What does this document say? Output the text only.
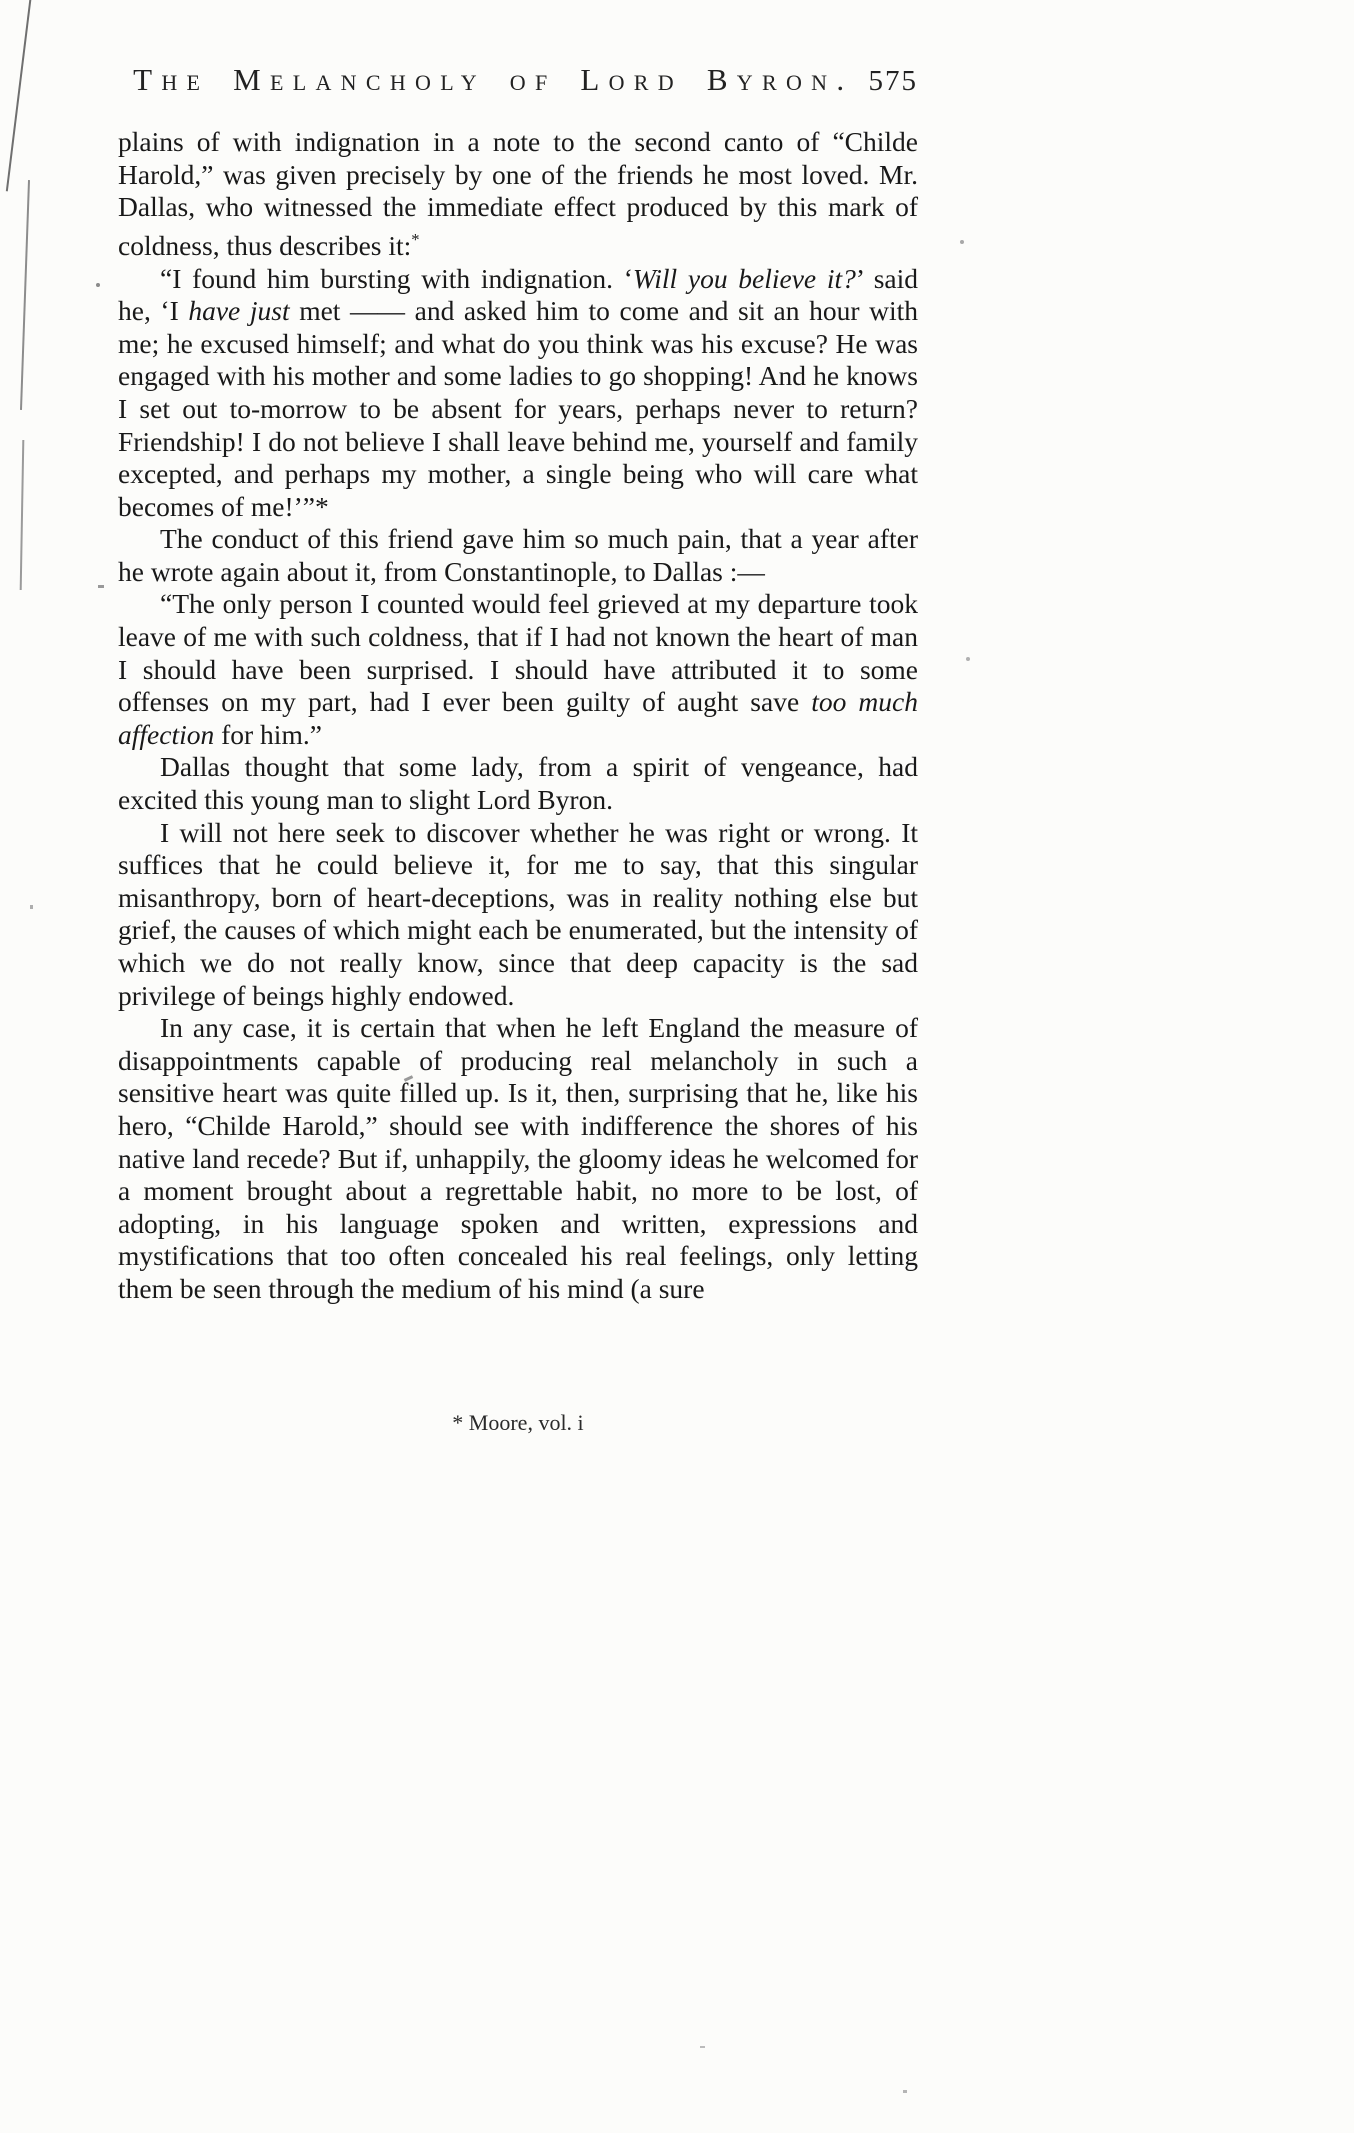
The Melancholy of Lord Byron. 575

plains of with indignation in a note to the second canto of “Childe Harold,” was given precisely by one of the friends he most loved. Mr. Dallas, who witnessed the immediate effect produced by this mark of coldness, thus describes it:*

“I found him bursting with indignation. ‘Will you believe it?’ said he, ‘I have just met —— and asked him to come and sit an hour with me; he excused himself; and what do you think was his excuse? He was engaged with his mother and some ladies to go shopping! And he knows I set out to-morrow to be absent for years, perhaps never to return? Friendship! I do not believe I shall leave behind me, yourself and family excepted, and perhaps my mother, a single being who will care what becomes of me!’”*

The conduct of this friend gave him so much pain, that a year after he wrote again about it, from Constantinople, to Dallas :—

“The only person I counted would feel grieved at my departure took leave of me with such coldness, that if I had not known the heart of man I should have been surprised. I should have attributed it to some offenses on my part, had I ever been guilty of aught save too much affection for him.”

Dallas thought that some lady, from a spirit of vengeance, had excited this young man to slight Lord Byron.

I will not here seek to discover whether he was right or wrong. It suffices that he could believe it, for me to say, that this singular misanthropy, born of heart-deceptions, was in reality nothing else but grief, the causes of which might each be enumerated, but the intensity of which we do not really know, since that deep capacity is the sad privilege of beings highly endowed.

In any case, it is certain that when he left England the measure of disappointments capable of producing real melancholy in such a sensitive heart was quite filled up. Is it, then, surprising that he, like his hero, “Childe Harold,” should see with indifference the shores of his native land recede? But if, unhappily, the gloomy ideas he welcomed for a moment brought about a regrettable habit, no more to be lost, of adopting, in his language spoken and written, expressions and mystifications that too often concealed his real feelings, only letting them be seen through the medium of his mind (a sure

* Moore, vol. i
